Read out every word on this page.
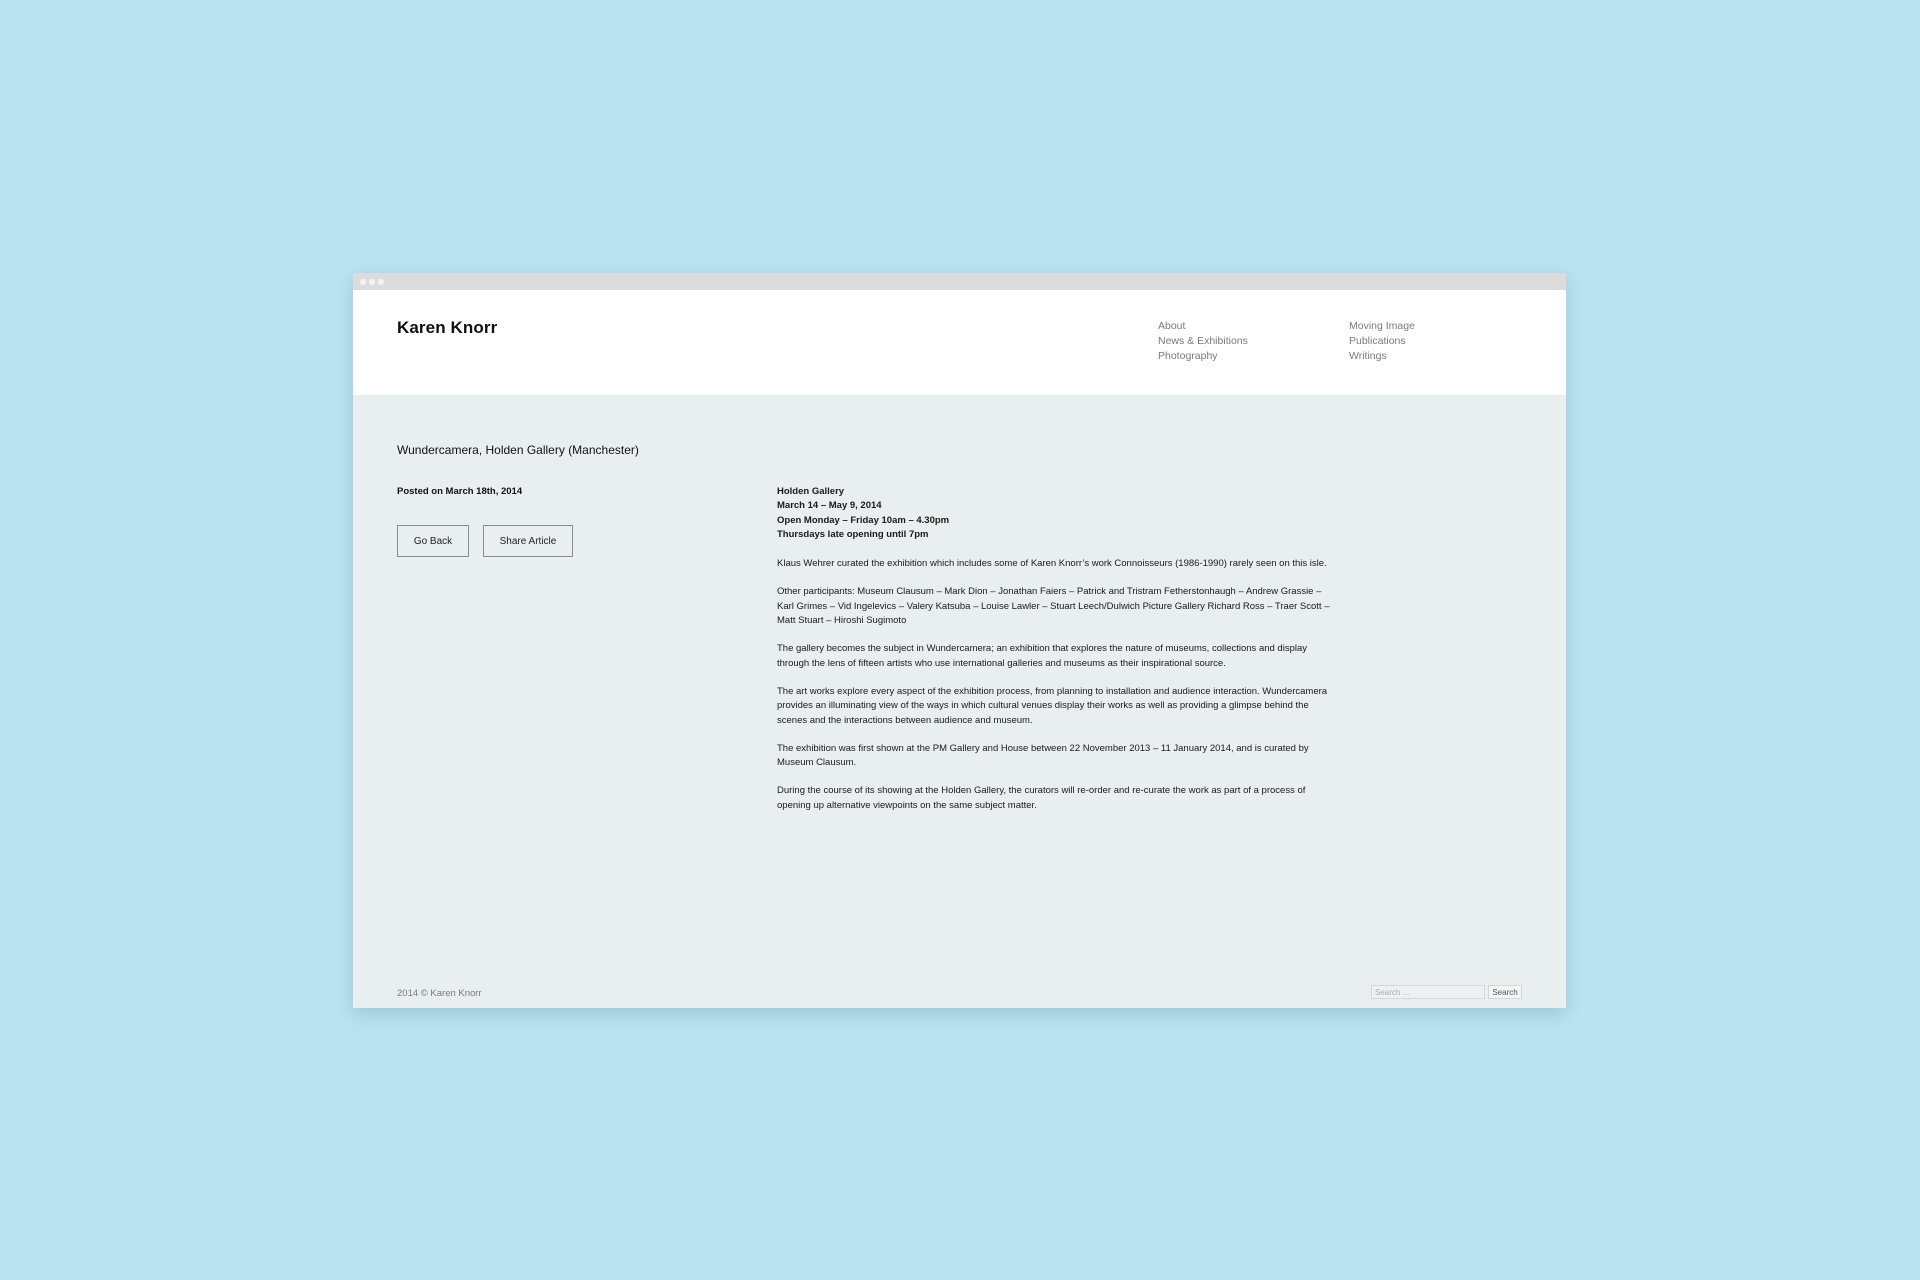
Karen Knorr	About
News & Exhibitions
Photography
Moving Image
Publications
Writings
Wundercamera, Holden Gallery (Manchester)
Posted on March 18th, 2014
Go Back	Share Article
Holden Gallery
March 14 – May 9, 2014
Open Monday – Friday 10am – 4.30pm
Thursdays late opening until 7pm

Klaus Wehrer curated the exhibition which includes some of Karen Knorr’s work Connoisseurs (1986-1990) rarely seen on this isle.

Other participants: Museum Clausum – Mark Dion – Jonathan Faiers – Patrick and Tristram Fetherstonhaugh – Andrew Grassie – Karl Grimes – Vid Ingelevics – Valery Katsuba – Louise Lawler – Stuart Leech/Dulwich Picture Gallery Richard Ross – Traer Scott – Matt Stuart – Hiroshi Sugimoto

The gallery becomes the subject in Wundercamera; an exhibition that explores the nature of museums, collections and display through the lens of fifteen artists who use international galleries and museums as their inspirational source.

The art works explore every aspect of the exhibition process, from planning to installation and audience interaction. Wundercamera provides an illuminating view of the ways in which cultural venues display their works as well as providing a glimpse behind the scenes and the interactions between audience and museum.

The exhibition was first shown at the PM Gallery and House between 22 November 2013 – 11 January 2014, and is curated by Museum Clausum.

During the course of its showing at the Holden Gallery, the curators will re-order and re-curate the work as part of a process of opening up alternative viewpoints on the same subject matter.

2014 © Karen Knorr
Search …	Search
